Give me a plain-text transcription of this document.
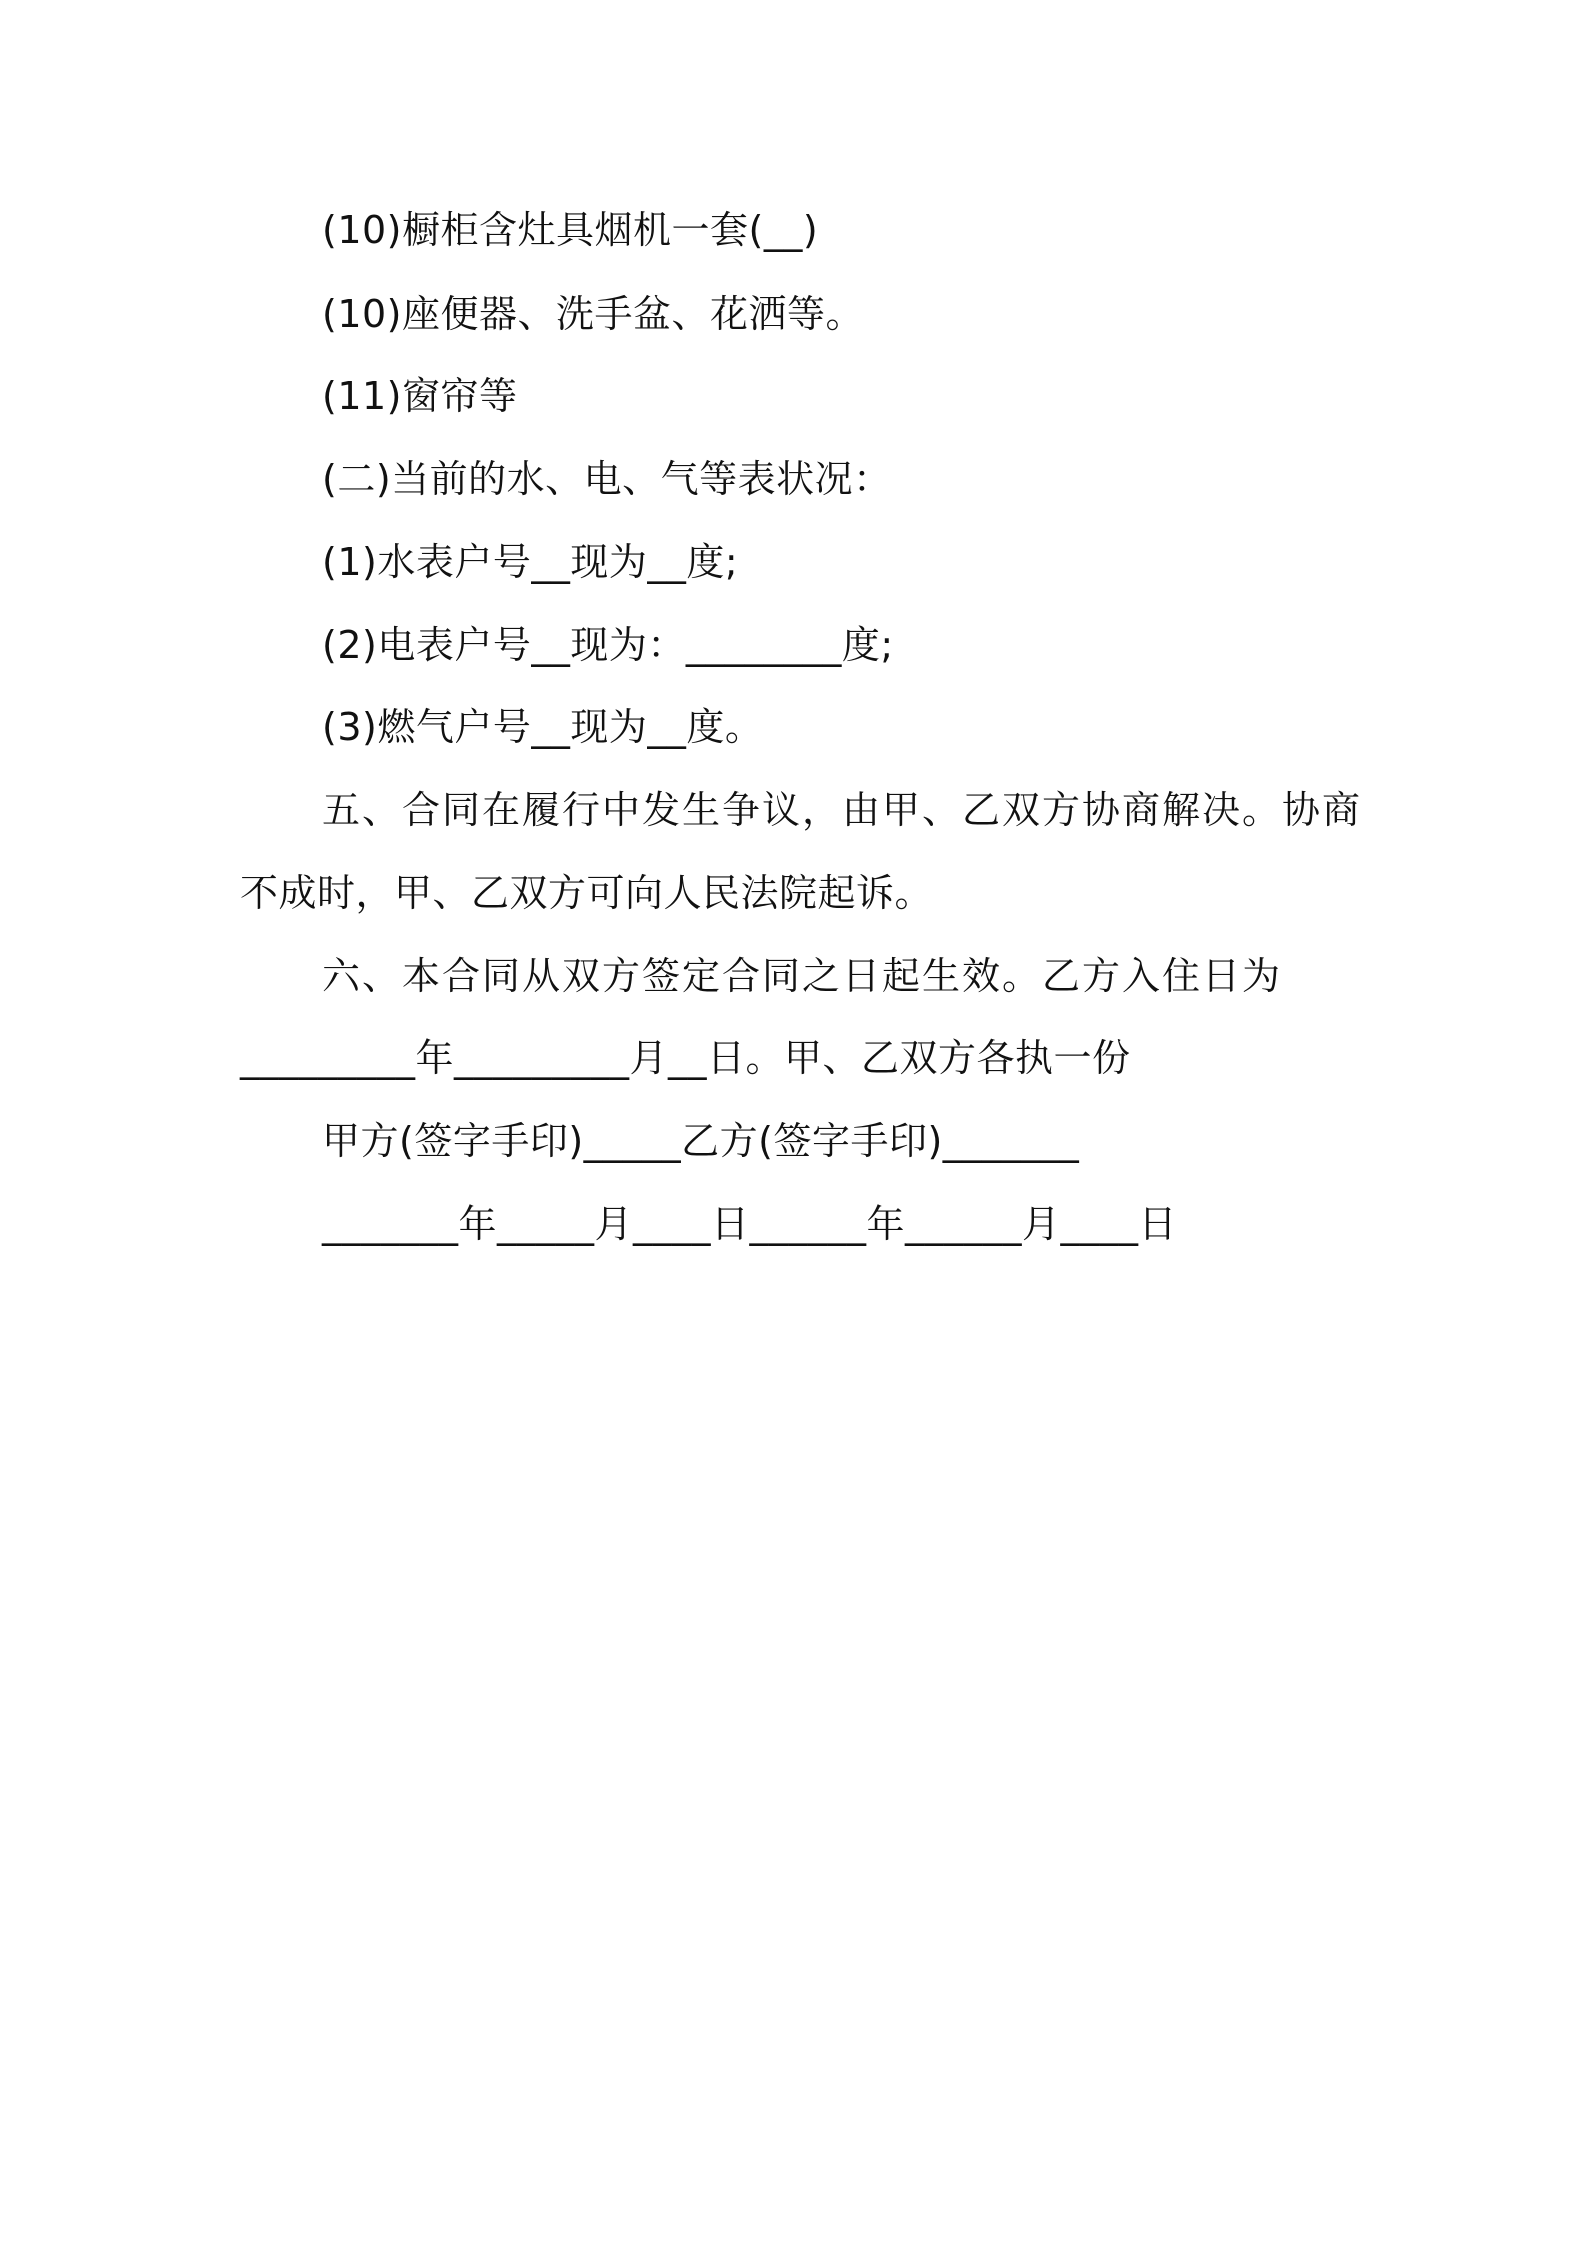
(10)橱柜含灶具烟机一套(__)
(10)座便器、洗手盆、花洒等。
(11)窗帘等
(二)当前的水、电、气等表状况：
(1)水表户号__现为__度;
(2)电表户号__现为：________度;
(3)燃气户号__现为__度。
五、合同在履行中发生争议，由甲、乙双方协商解决。协商
不成时，甲、乙双方可向人民法院起诉。
六、本合同从双方签定合同之日起生效。乙方入住日为
_________年_________月__日。甲、乙双方各执一份
甲方(签字手印)_____乙方(签字手印)_______
_______年_____月____日______年______月____日
